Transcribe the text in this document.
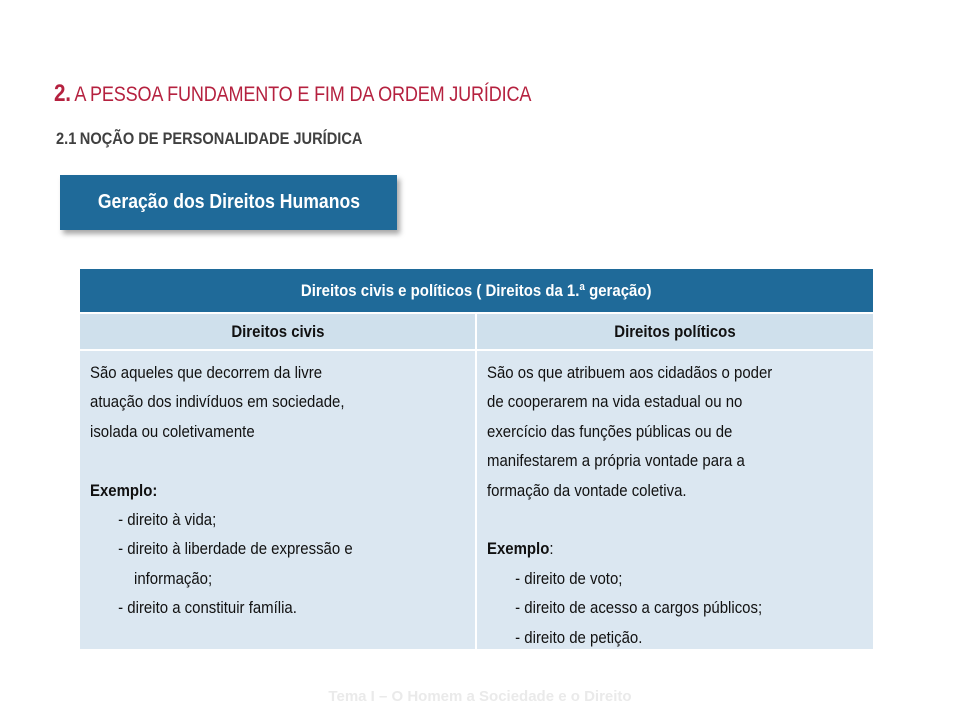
2. A PESSOA FUNDAMENTO E FIM DA ORDEM JURÍDICA
2.1 NOÇÃO DE PERSONALIDADE JURÍDICA
Geração dos Direitos Humanos
Direitos civis e políticos ( Direitos da 1.ª geração)
Direitos civis	Direitos políticos
São aqueles que decorrem da livre
atuação dos indivíduos em sociedade,
isolada ou coletivamente
Exemplo:
- direito à vida;
- direito à liberdade de expressão e
informação;
- direito a constituir família.
São os que atribuem aos cidadãos o poder
de cooperarem na vida estadual ou no
exercício das funções públicas ou de
manifestarem a própria vontade para a
formação da vontade coletiva.
Exemplo:
- direito de voto;
- direito de acesso a cargos públicos;
- direito de petição.
Tema I – O Homem a Sociedade e o Direito
